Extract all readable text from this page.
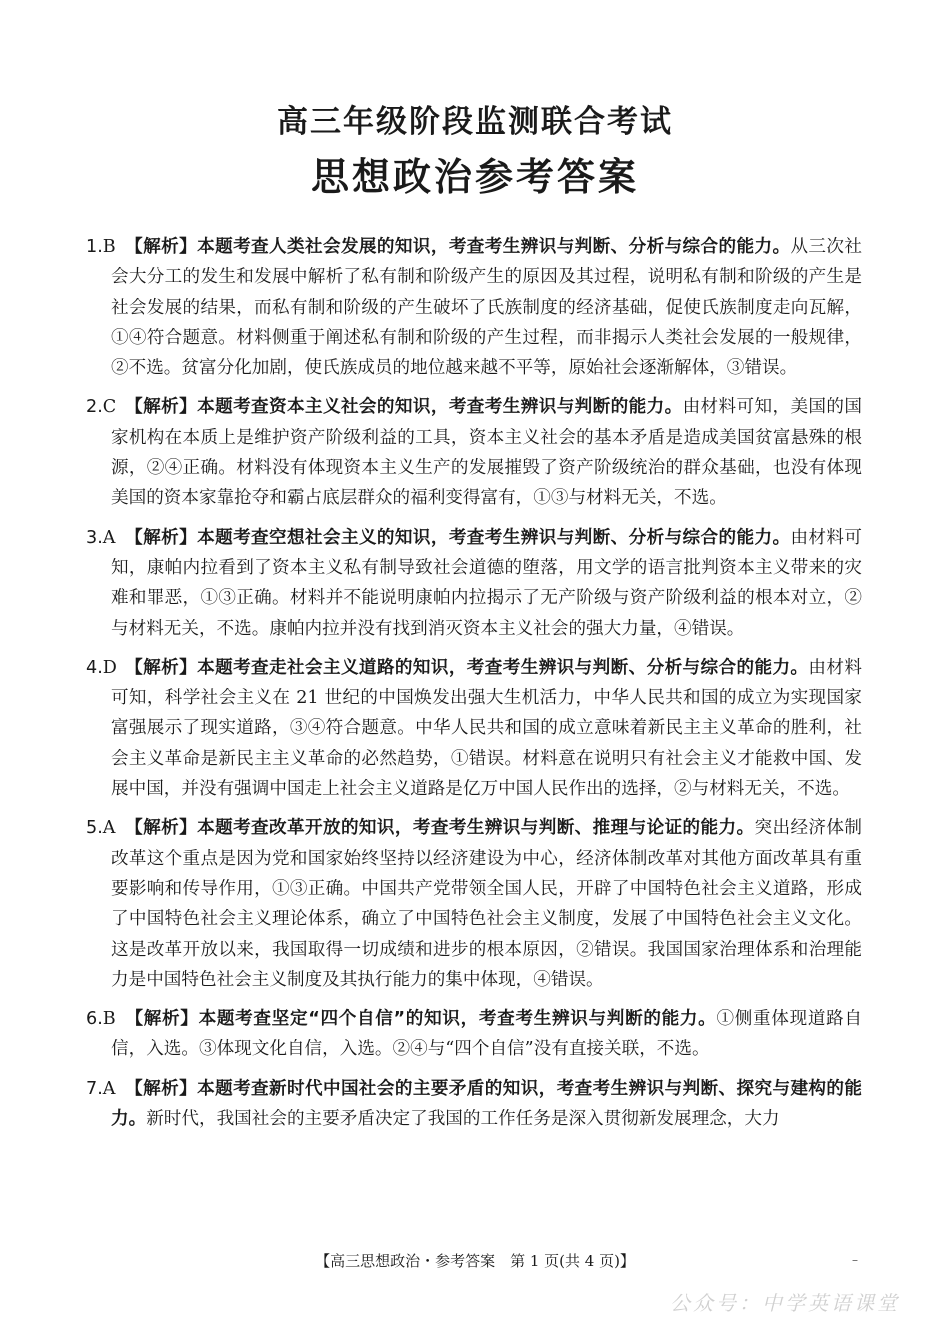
高三年级阶段监测联合考试
思想政治参考答案
1.B 【解析】本题考查人类社会发展的知识，考查考生辨识与判断、分析与综合的能力。从三次社会大分工的发生和发展中解析了私有制和阶级产生的原因及其过程，说明私有制和阶级的产生是社会发展的结果，而私有制和阶级的产生破坏了氏族制度的经济基础，促使氏族制度走向瓦解，①④符合题意。材料侧重于阐述私有制和阶级的产生过程，而非揭示人类社会发展的一般规律，②不选。贫富分化加剧，使氏族成员的地位越来越不平等，原始社会逐渐解体，③错误。
2.C 【解析】本题考查资本主义社会的知识，考查考生辨识与判断的能力。由材料可知，美国的国家机构在本质上是维护资产阶级利益的工具，资本主义社会的基本矛盾是造成美国贫富悬殊的根源，②④正确。材料没有体现资本主义生产的发展摧毁了资产阶级统治的群众基础，也没有体现美国的资本家靠抢夺和霸占底层群众的福利变得富有，①③与材料无关，不选。
3.A 【解析】本题考查空想社会主义的知识，考查考生辨识与判断、分析与综合的能力。由材料可知，康帕内拉看到了资本主义私有制导致社会道德的堕落，用文学的语言批判资本主义带来的灾难和罪恶，①③正确。材料并不能说明康帕内拉揭示了无产阶级与资产阶级利益的根本对立，②与材料无关，不选。康帕内拉并没有找到消灭资本主义社会的强大力量，④错误。
4.D 【解析】本题考查走社会主义道路的知识，考查考生辨识与判断、分析与综合的能力。由材料可知，科学社会主义在 21 世纪的中国焕发出强大生机活力，中华人民共和国的成立为实现国家富强展示了现实道路，③④符合题意。中华人民共和国的成立意味着新民主主义革命的胜利，社会主义革命是新民主主义革命的必然趋势，①错误。材料意在说明只有社会主义才能救中国、发展中国，并没有强调中国走上社会主义道路是亿万中国人民作出的选择，②与材料无关，不选。
5.A 【解析】本题考查改革开放的知识，考查考生辨识与判断、推理与论证的能力。突出经济体制改革这个重点是因为党和国家始终坚持以经济建设为中心，经济体制改革对其他方面改革具有重要影响和传导作用，①③正确。中国共产党带领全国人民，开辟了中国特色社会主义道路，形成了中国特色社会主义理论体系，确立了中国特色社会主义制度，发展了中国特色社会主义文化。这是改革开放以来，我国取得一切成绩和进步的根本原因，②错误。我国国家治理体系和治理能力是中国特色社会主义制度及其执行能力的集中体现，④错误。
6.B 【解析】本题考查坚定“四个自信”的知识，考查考生辨识与判断的能力。①侧重体现道路自信，入选。③体现文化自信，入选。②④与“四个自信”没有直接关联，不选。
7.A 【解析】本题考查新时代中国社会的主要矛盾的知识，考查考生辨识与判断、探究与建构的能力。新时代，我国社会的主要矛盾决定了我国的工作任务是深入贯彻新发展理念，大力
【高三思想政治・参考答案　第 1 页(共 4 页)】	–
公众号：中学英语课堂
